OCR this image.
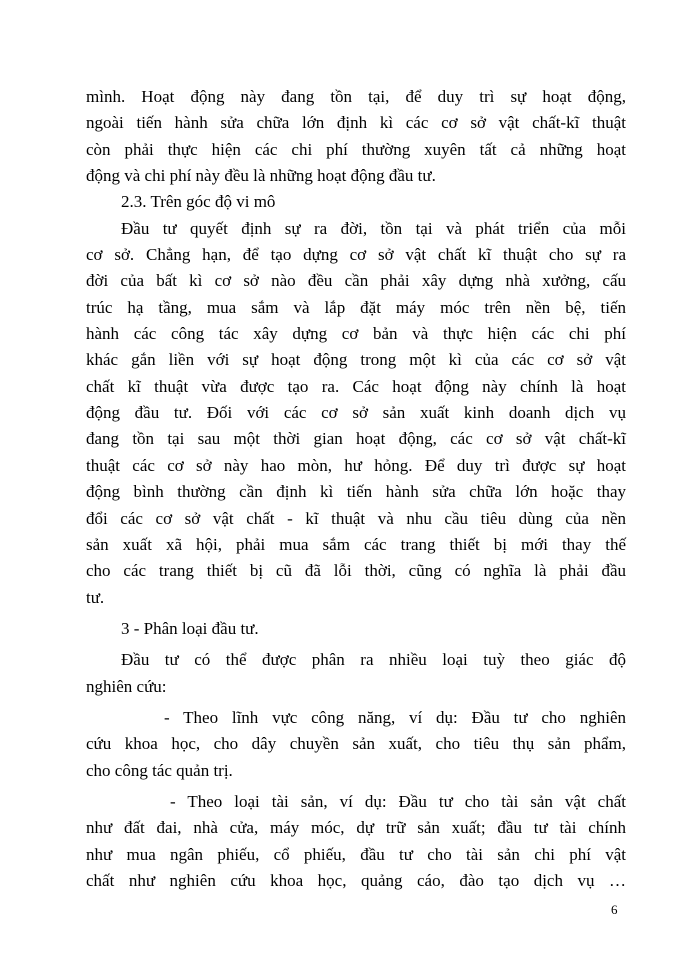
mình. Hoạt động này đang tồn tại, để duy trì sự hoạt động,
ngoài tiến hành sửa chữa lớn định kì các cơ sở vật chất-kĩ thuật
còn phải thực hiện các chi phí thường xuyên tất cả những hoạt
động và chi phí này đều là những hoạt động đầu tư.
2.3. Trên góc độ vi mô
Đầu tư quyết định sự ra đời, tồn tại và phát triển của mỗi
cơ sở. Chẳng hạn, để tạo dựng cơ sở vật chất kĩ thuật cho sự ra
đời của bất kì cơ sở nào đều cần phải xây dựng nhà xưởng, cấu
trúc hạ tầng, mua sắm và lắp đặt máy móc trên nền bệ, tiến
hành các công tác xây dựng cơ bản và thực hiện các chi phí
khác gắn liền với sự hoạt động trong một kì của các cơ sở vật
chất kĩ thuật vừa được tạo ra. Các hoạt động này chính là hoạt
động đầu tư. Đối với các cơ sở sản xuất kinh doanh dịch vụ
đang tồn tại sau một thời gian hoạt động, các cơ sở vật chất-kĩ
thuật các cơ sở này hao mòn, hư hỏng. Để duy trì được sự hoạt
động bình thường cần định kì tiến hành sửa chữa lớn hoặc thay
đổi các cơ sở vật chất - kĩ thuật và nhu cầu tiêu dùng của nền
sản xuất xã hội, phải mua sắm các trang thiết bị mới thay thế
cho các trang thiết bị cũ đã lỗi thời, cũng có nghĩa là phải đầu
tư.
3 - Phân loại đầu tư.
Đầu tư có thể được phân ra nhiều loại tuỳ theo giác độ
nghiên cứu:
- Theo lĩnh vực công năng, ví dụ: Đầu tư cho nghiên
cứu khoa học, cho dây chuyền sản xuất, cho tiêu thụ sản phẩm,
cho công tác quản trị.
- Theo loại tài sản, ví dụ: Đầu tư cho tài sản vật chất
như đất đai, nhà cửa, máy móc, dự trữ sản xuất; đầu tư tài chính
như mua ngân phiếu, cổ phiếu, đầu tư cho tài sản chi phí vật
chất như nghiên cứu khoa học, quảng cáo, đào tạo dịch vụ …
6
